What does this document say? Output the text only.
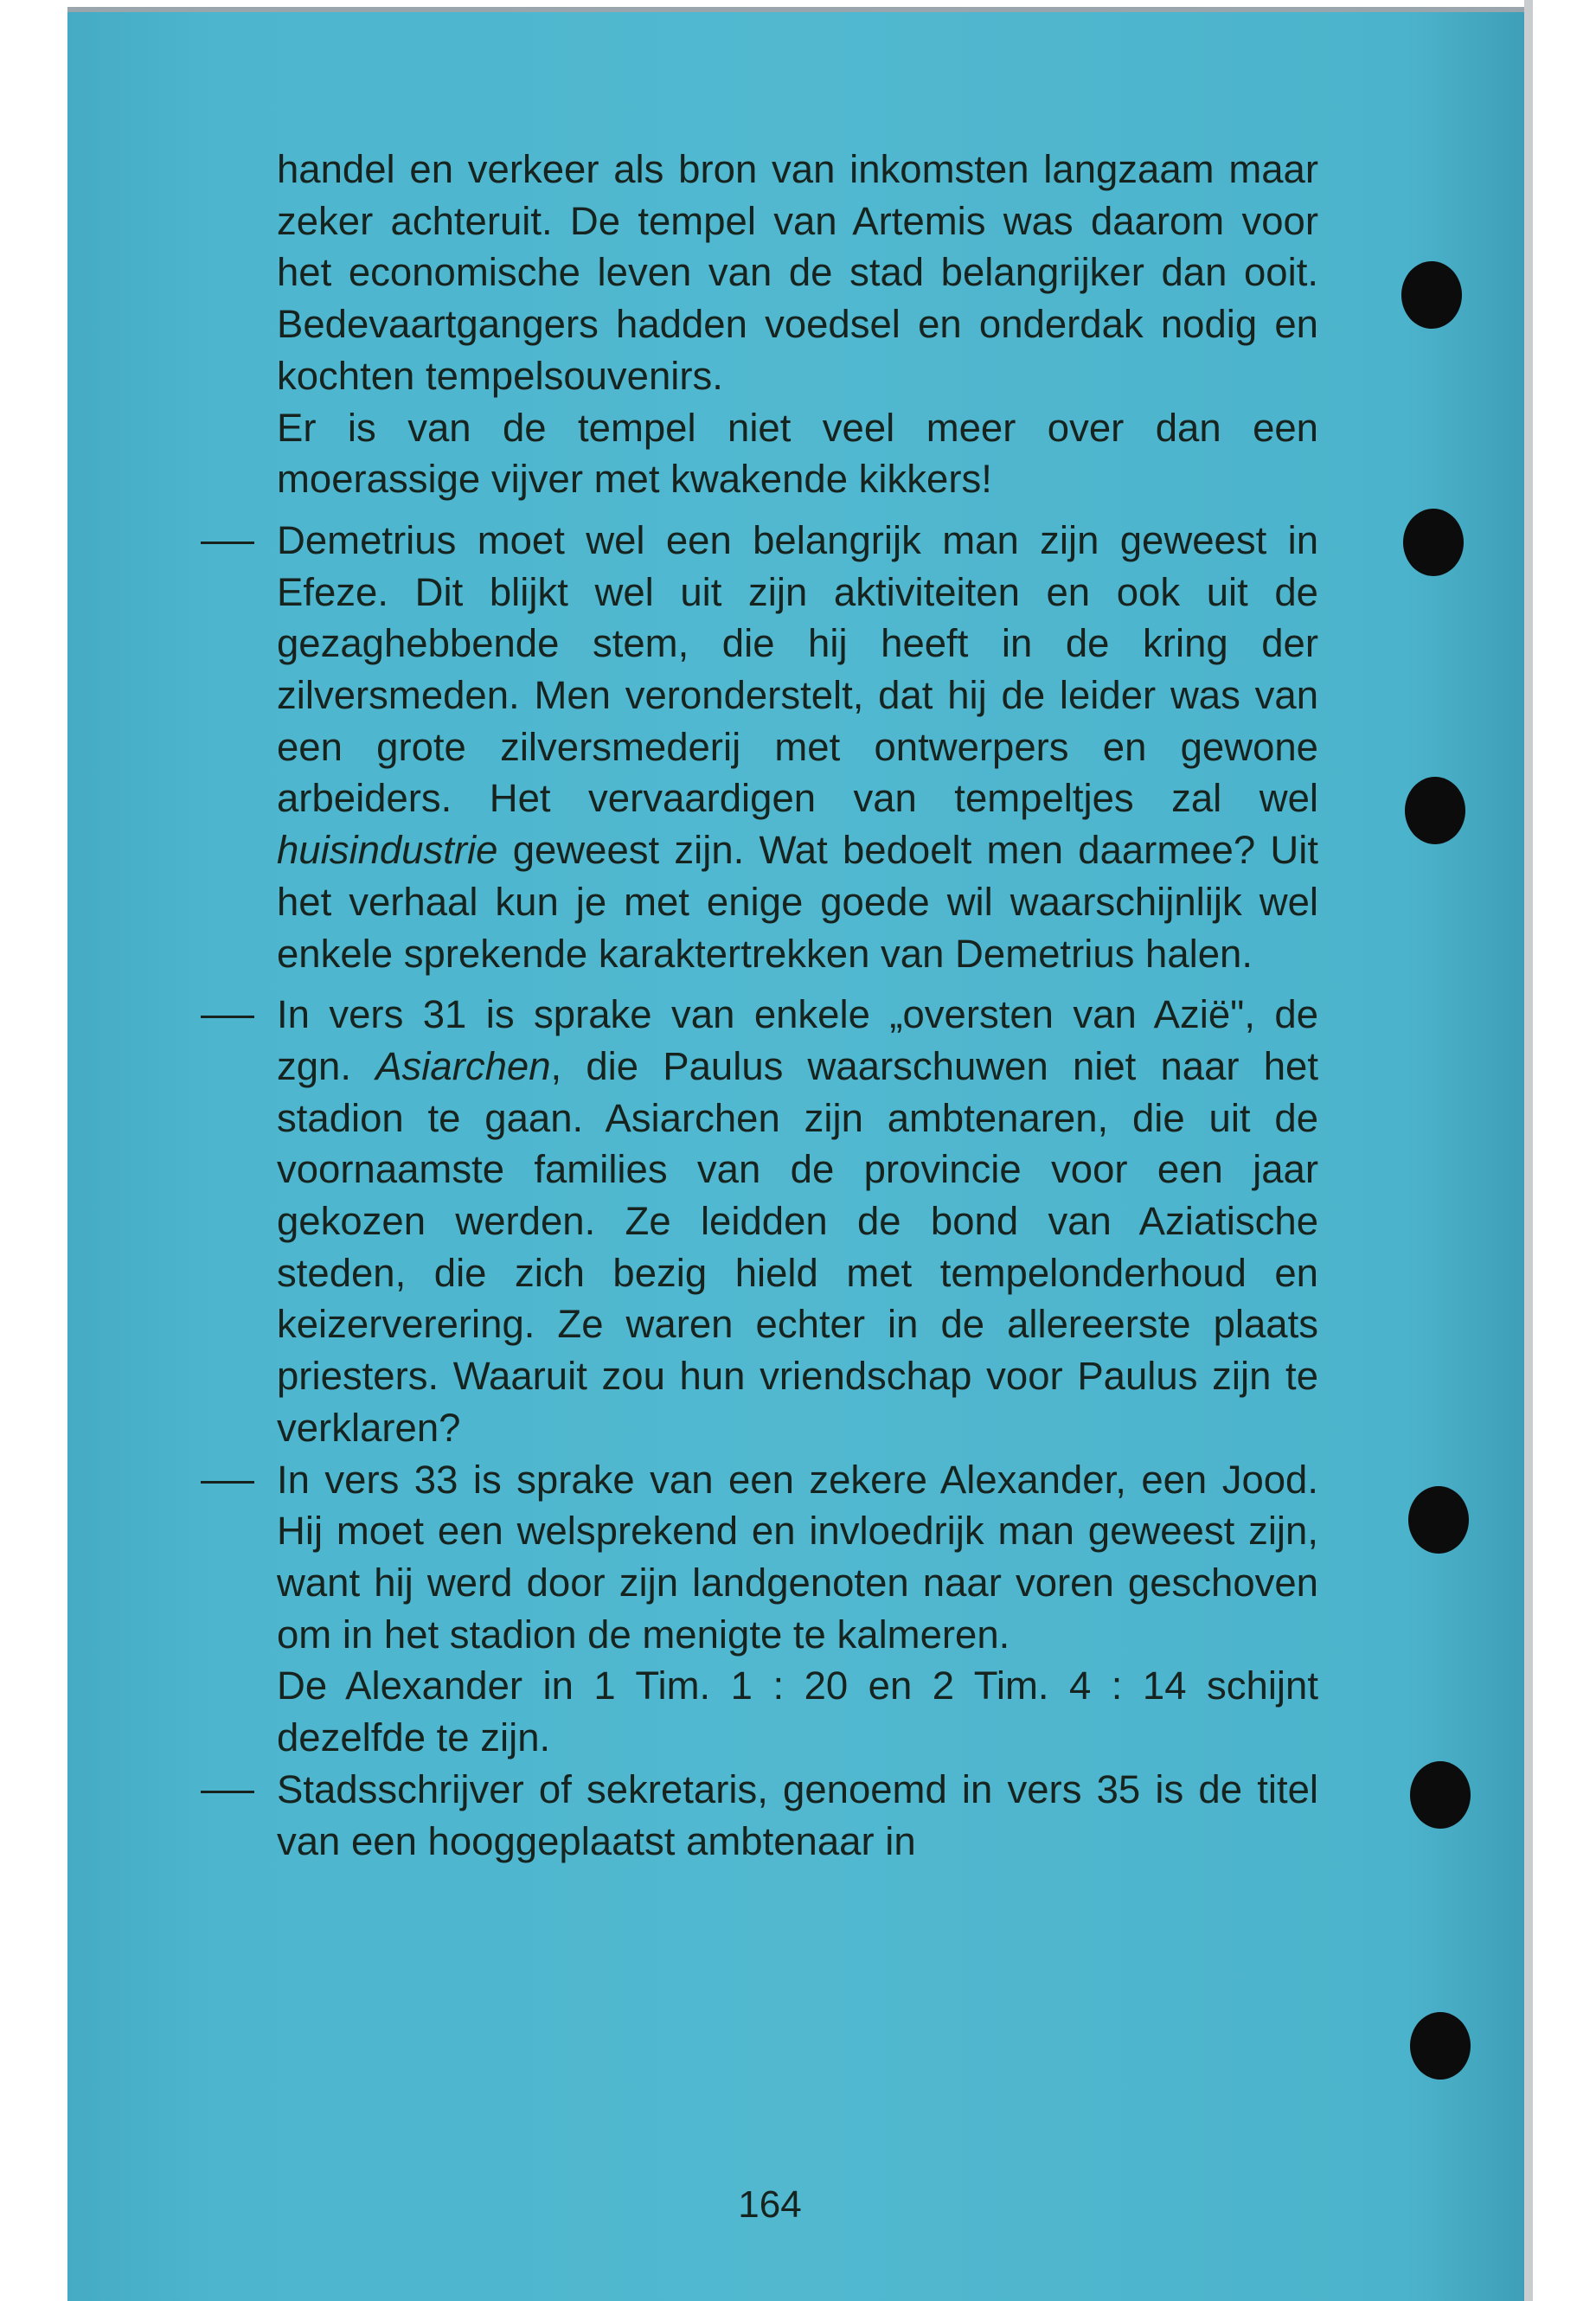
handel en verkeer als bron van inkomsten langzaam maar zeker achteruit. De tempel van Artemis was daarom voor het economische leven van de stad belangrijker dan ooit. Bedevaartgangers hadden voedsel en onderdak nodig en kochten tempelsouvenirs.

Er is van de tempel niet veel meer over dan een moerassige vijver met kwakende kikkers!

Demetrius moet wel een belangrijk man zijn geweest in Efeze. Dit blijkt wel uit zijn aktiviteiten en ook uit de gezaghebbende stem, die hij heeft in de kring der zilversmeden. Men veronderstelt, dat hij de leider was van een grote zilversmederij met ontwerpers en gewone arbeiders. Het vervaardigen van tempeltjes zal wel huisindustrie geweest zijn. Wat bedoelt men daarmee? Uit het verhaal kun je met enige goede wil waarschijnlijk wel enkele sprekende karaktertrekken van Demetrius halen.

In vers 31 is sprake van enkele „oversten van Azië", de zgn. Asiarchen, die Paulus waarschuwen niet naar het stadion te gaan. Asiarchen zijn ambtenaren, die uit de voornaamste families van de provincie voor een jaar gekozen werden. Ze leidden de bond van Aziatische steden, die zich bezig hield met tempelonderhoud en keizerverering. Ze waren echter in de allereerste plaats priesters. Waaruit zou hun vriendschap voor Paulus zijn te verklaren?

In vers 33 is sprake van een zekere Alexander, een Jood. Hij moet een welsprekend en invloedrijk man geweest zijn, want hij werd door zijn landgenoten naar voren geschoven om in het stadion de menigte te kalmeren.

De Alexander in 1 Tim. 1 : 20 en 2 Tim. 4 : 14 schijnt dezelfde te zijn.

Stadsschrijver of sekretaris, genoemd in vers 35 is de titel van een hooggeplaatst ambtenaar in

164
